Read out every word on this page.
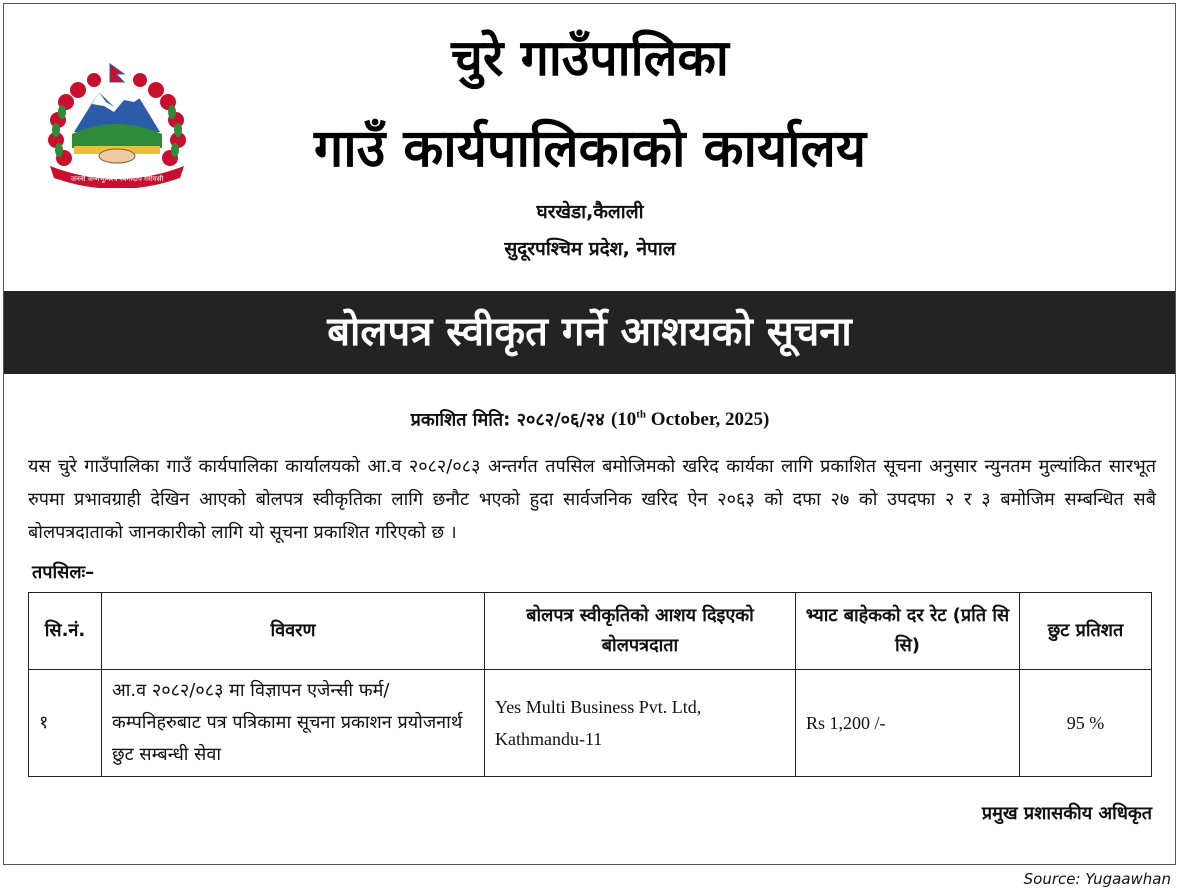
जननी जन्मभूमिश्च स्वर्गादपि गरीयसी
चुरे गाउँपालिका
गाउँ कार्यपालिकाको कार्यालय
घरखेडा,कैलाली
सुदूरपश्चिम प्रदेश, नेपाल
बोलपत्र स्वीकृत गर्ने आशयको सूचना
प्रकाशित मिति: २०८२/०६/२४ (10th October, 2025)
यस चुरे गाउँपालिका गाउँ कार्यपालिका कार्यालयको आ.व २०८२/०८३ अन्तर्गत तपसिल बमोजिमको खरिद कार्यका लागि प्रकाशित सूचना अनुसार न्युनतम मुल्यांकित सारभूत रुपमा प्रभावग्राही देखिन आएको बोलपत्र स्वीकृतिका लागि छनौट भएको हुदा सार्वजनिक खरिद ऐन २०६३ को दफा २७ को उपदफा २ र ३ बमोजिम सम्बन्धित सबै बोलपत्रदाताको जानकारीको लागि यो सूचना प्रकाशित गरिएको छ ।
तपसिलः–
सि.नं.	विवरण	बोलपत्र स्वीकृतिको आशय दिइएको बोलपत्रदाता	भ्याट बाहेकको दर रेट (प्रति सि सि)	छुट प्रतिशत
१	आ.व २०८२/०८३ मा विज्ञापन एजेन्सी फर्म/ कम्पनिहरुबाट पत्र पत्रिकामा सूचना प्रकाशन प्रयोजनार्थ छुट सम्बन्धी सेवा	Yes Multi Business Pvt. Ltd, Kathmandu-11	Rs 1,200 /-	95 %
प्रमुख प्रशासकीय अधिकृत
Source: Yugaawhan
